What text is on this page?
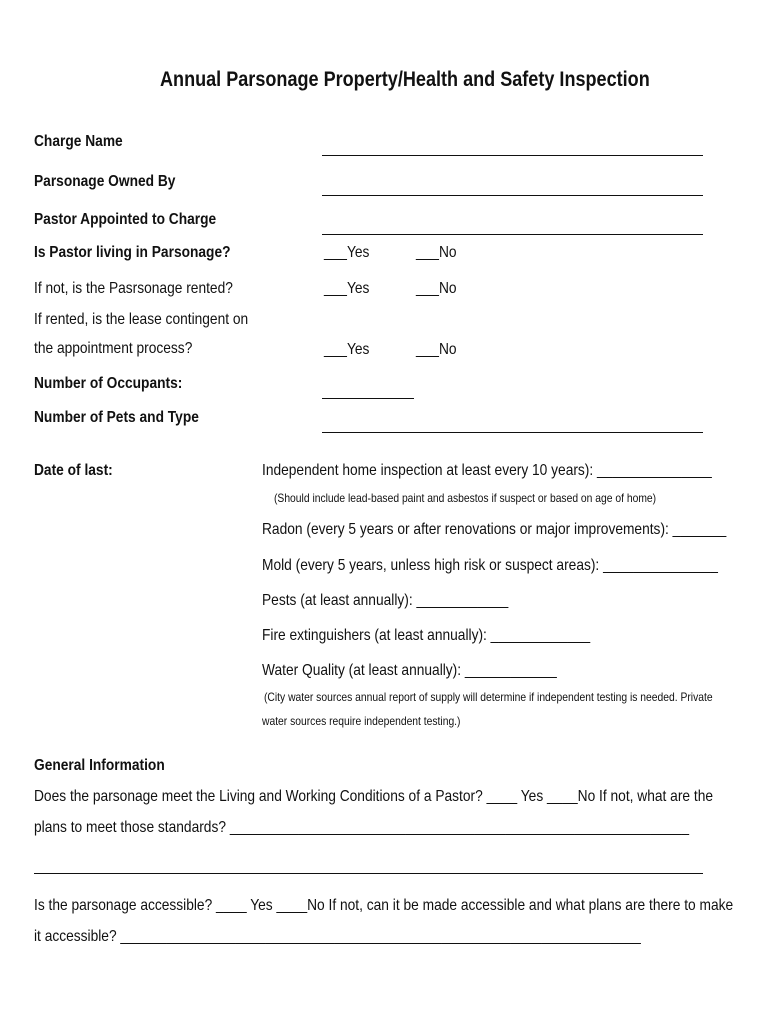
Annual Parsonage Property/Health and Safety Inspection
Charge Name
Parsonage Owned By
Pastor Appointed to Charge
Is Pastor living in Parsonage?	___Yes	___No
If not, is the Pasrsonage rented?	___Yes	___No
If rented, is the lease contingent on
the appointment process?	___Yes	___No
Number of Occupants:
Number of Pets and Type
Date of last:	Independent home inspection at least every 10 years): _______________
(Should include lead-based paint and asbestos if suspect or based on age of home)
Radon (every 5 years or after renovations or major improvements): _______
Mold (every 5 years, unless high risk or suspect areas): _______________
Pests (at least annually): ____________
Fire extinguishers (at least annually): _____________
Water Quality (at least annually): ____________
(City water sources annual report of supply will determine if independent testing is needed. Private
water sources require independent testing.)
General Information
Does the parsonage meet the Living and Working Conditions of a Pastor? ____ Yes ____No If not, what are the
plans to meet those standards? ____________________________________________________________
Is the parsonage accessible? ____ Yes ____No If not, can it be made accessible and what plans are there to make
it accessible? ____________________________________________________________________
